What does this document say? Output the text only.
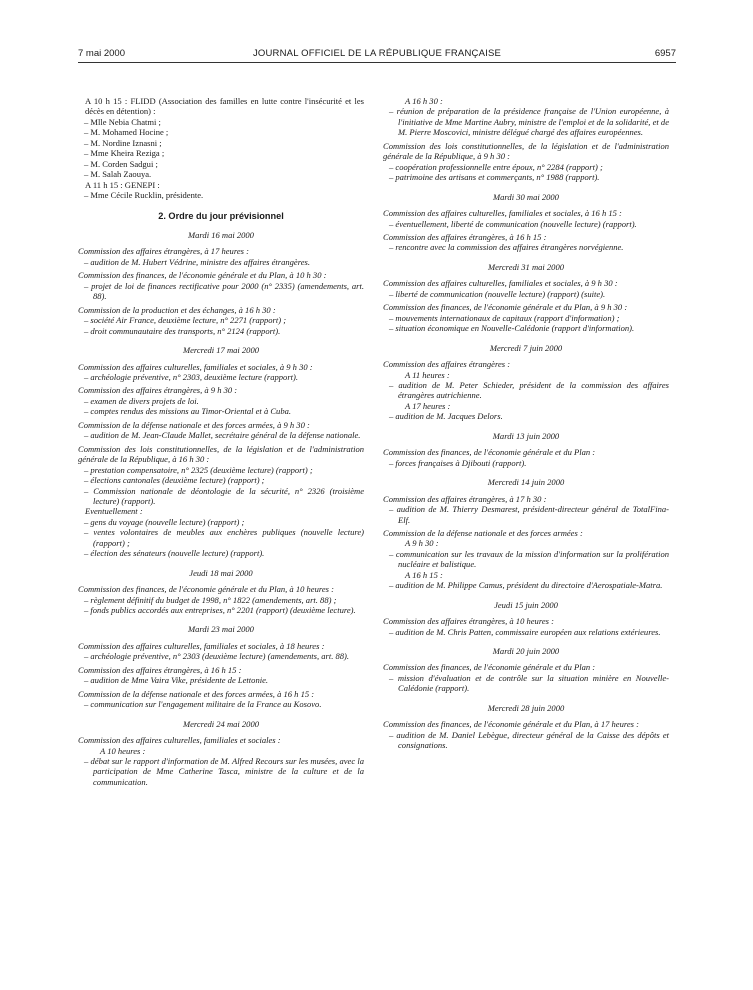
7 mai 2000	JOURNAL OFFICIEL DE LA RÉPUBLIQUE FRANÇAISE	6957

A 10 h 15 : FLIDD (Association des familles en lutte contre l'insécurité et les décès en détention) :

– Mlle Nebia Chatmi ;

– M. Mohamed Hocine ;

– M. Nordine Iznasni ;

– Mme Kheira Reziga ;

– M. Corden Sadgui ;

– M. Salah Zaouya.

A 11 h 15 : GENEPI :

– Mme Cécile Rucklin, présidente.

2. Ordre du jour prévisionnel

Mardi 16 mai 2000

Commission des affaires étrangères, à 17 heures :

– audition de M. Hubert Védrine, ministre des affaires étrangères.

Commission des finances, de l'économie générale et du Plan, à 10 h 30 :

– projet de loi de finances rectificative pour 2000 (n° 2335) (amendements, art. 88).

Commission de la production et des échanges, à 16 h 30 :

– société Air France, deuxième lecture, n° 2271 (rapport) ;

– droit communautaire des transports, n° 2124 (rapport).

Mercredi 17 mai 2000

Commission des affaires culturelles, familiales et sociales, à 9 h 30 :

– archéologie préventive, n° 2303, deuxième lecture (rapport).

Commission des affaires étrangères, à 9 h 30 :

– examen de divers projets de loi.

– comptes rendus des missions au Timor-Oriental et à Cuba.

Commission de la défense nationale et des forces armées, à 9 h 30 :

– audition de M. Jean-Claude Mallet, secrétaire général de la défense nationale.

Commission des lois constitutionnelles, de la législation et de l'administration générale de la République, à 16 h 30 :

– prestation compensatoire, n° 2325 (deuxième lecture) (rapport) ;

– élections cantonales (deuxième lecture) (rapport) ;

– Commission nationale de déontologie de la sécurité, n° 2326 (troisième lecture) (rapport).

Eventuellement :

– gens du voyage (nouvelle lecture) (rapport) ;

– ventes volontaires de meubles aux enchères publiques (nouvelle lecture) (rapport) ;

– élection des sénateurs (nouvelle lecture) (rapport).

Jeudi 18 mai 2000

Commission des finances, de l'économie générale et du Plan, à 10 heures :

– règlement définitif du budget de 1998, n° 1822 (amendements, art. 88) ;

– fonds publics accordés aux entreprises, n° 2201 (rapport) (deuxième lecture).

Mardi 23 mai 2000

Commission des affaires culturelles, familiales et sociales, à 18 heures :

– archéologie préventive, n° 2303 (deuxième lecture) (amendements, art. 88).

Commission des affaires étrangères, à 16 h 15 :

– audition de Mme Vaira Vike, présidente de Lettonie.

Commission de la défense nationale et des forces armées, à 16 h 15 :

– communication sur l'engagement militaire de la France au Kosovo.

Mercredi 24 mai 2000

Commission des affaires culturelles, familiales et sociales :

A 10 heures :

– débat sur le rapport d'information de M. Alfred Recours sur les musées, avec la participation de Mme Catherine Tasca, ministre de la culture et de la communication.

A 16 h 30 :

– réunion de préparation de la présidence française de l'Union européenne, à l'initiative de Mme Martine Aubry, ministre de l'emploi et de la solidarité, et de M. Pierre Moscovici, ministre délégué chargé des affaires européennes.

Commission des lois constitutionnelles, de la législation et de l'administration générale de la République, à 9 h 30 :

– coopération professionnelle entre époux, n° 2284 (rapport) ;

– patrimoine des artisans et commerçants, n° 1988 (rapport).

Mardi 30 mai 2000

Commission des affaires culturelles, familiales et sociales, à 16 h 15 :

– éventuellement, liberté de communication (nouvelle lecture) (rapport).

Commission des affaires étrangères, à 16 h 15 :

– rencontre avec la commission des affaires étrangères norvégienne.

Mercredi 31 mai 2000

Commission des affaires culturelles, familiales et sociales, à 9 h 30 :

– liberté de communication (nouvelle lecture) (rapport) (suite).

Commission des finances, de l'économie générale et du Plan, à 9 h 30 :

– mouvements internationaux de capitaux (rapport d'information) ;

– situation économique en Nouvelle-Calédonie (rapport d'information).

Mercredi 7 juin 2000

Commission des affaires étrangères :

A 11 heures :

– audition de M. Peter Schieder, président de la commission des affaires étrangères autrichienne.

A 17 heures :

– audition de M. Jacques Delors.

Mardi 13 juin 2000

Commission des finances, de l'économie générale et du Plan :

– forces françaises à Djibouti (rapport).

Mercredi 14 juin 2000

Commission des affaires étrangères, à 17 h 30 :

– audition de M. Thierry Desmarest, président-directeur général de TotalFina-Elf.

Commission de la défense nationale et des forces armées :

A 9 h 30 :

– communication sur les travaux de la mission d'information sur la prolifération nucléaire et balistique.

A 16 h 15 :

– audition de M. Philippe Camus, président du directoire d'Aerospatiale-Matra.

Jeudi 15 juin 2000

Commission des affaires étrangères, à 10 heures :

– audition de M. Chris Patten, commissaire européen aux relations extérieures.

Mardi 20 juin 2000

Commission des finances, de l'économie générale et du Plan :

– mission d'évaluation et de contrôle sur la situation minière en Nouvelle-Calédonie (rapport).

Mercredi 28 juin 2000

Commission des finances, de l'économie générale et du Plan, à 17 heures :

– audition de M. Daniel Lebègue, directeur général de la Caisse des dépôts et consignations.
